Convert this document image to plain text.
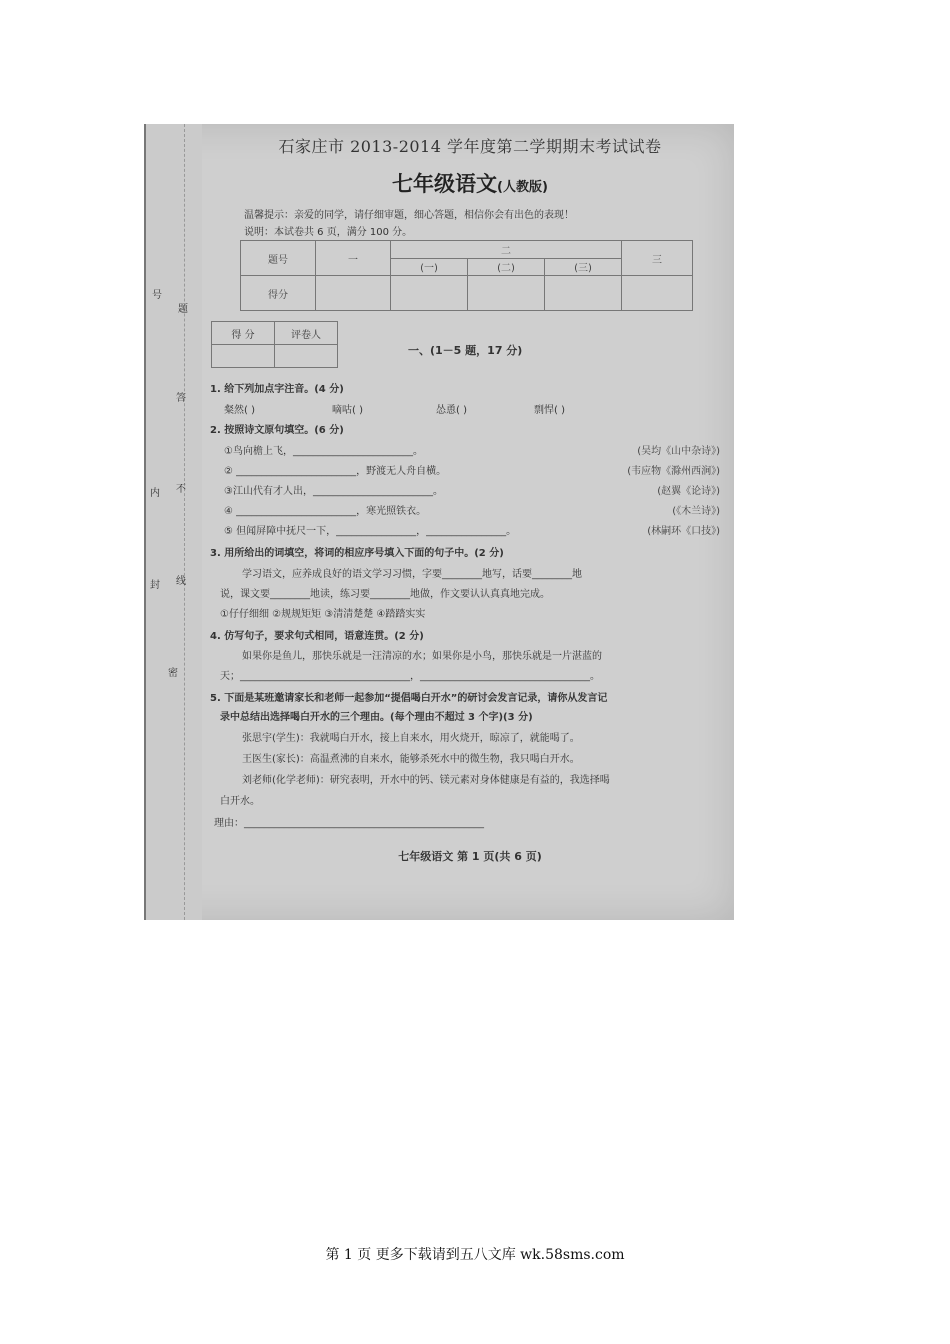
号
题
答
不
内
线
封
密
石家庄市 2013-2014 学年度第二学期期末考试试卷
七年级语文(人教版)
温馨提示：亲爱的同学，请仔细审题，细心答题，相信你会有出色的表现！
说明：本试卷共 6 页，满分 100 分。
题号	一	二			三
		(一)	(二)	(三)	
得分					
得 分	评卷人

一、(1－5 题，17 分)
1. 给下列加点字注音。(4 分)
粲然( )	嘀咕( )	怂恿( )	剽悍( )
2. 按照诗文原句填空。(6 分)
①鸟向檐上飞，________________________。	(吴均《山中杂诗》)
② ________________________，野渡无人舟自横。	(韦应物《滁州西涧》)
③江山代有才人出，________________________。	(赵翼《论诗》)
④ ________________________，寒光照铁衣。	(《木兰诗》)
⑤ 但闻屏障中抚尺一下，________________，________________。	(林嗣环《口技》)
3. 用所给出的词填空，将词的相应序号填入下面的句子中。(2 分)
学习语文，应养成良好的语文学习习惯，字要________地写，话要________地
说，课文要________地读，练习要________地做，作文要认认真真地完成。
①仔仔细细 ②规规矩矩 ③清清楚楚 ④踏踏实实
4. 仿写句子，要求句式相同，语意连贯。(2 分)
如果你是鱼儿，那快乐就是一汪清凉的水；如果你是小鸟，那快乐就是一片湛蓝的
天；__________________________________，__________________________________。
5. 下面是某班邀请家长和老师一起参加“提倡喝白开水”的研讨会发言记录，请你从发言记
录中总结出选择喝白开水的三个理由。(每个理由不超过 3 个字)(3 分)
张思宇(学生)：我就喝白开水，接上自来水，用火烧开，晾凉了，就能喝了。
王医生(家长)：高温煮沸的自来水，能够杀死水中的微生物，我只喝白开水。
刘老师(化学老师)：研究表明，开水中的钙、镁元素对身体健康是有益的，我选择喝
白开水。
理由：________________________________________________
七年级语文 第 1 页(共 6 页)
第 1 页 更多下载请到五八文库 wk.58sms.com
